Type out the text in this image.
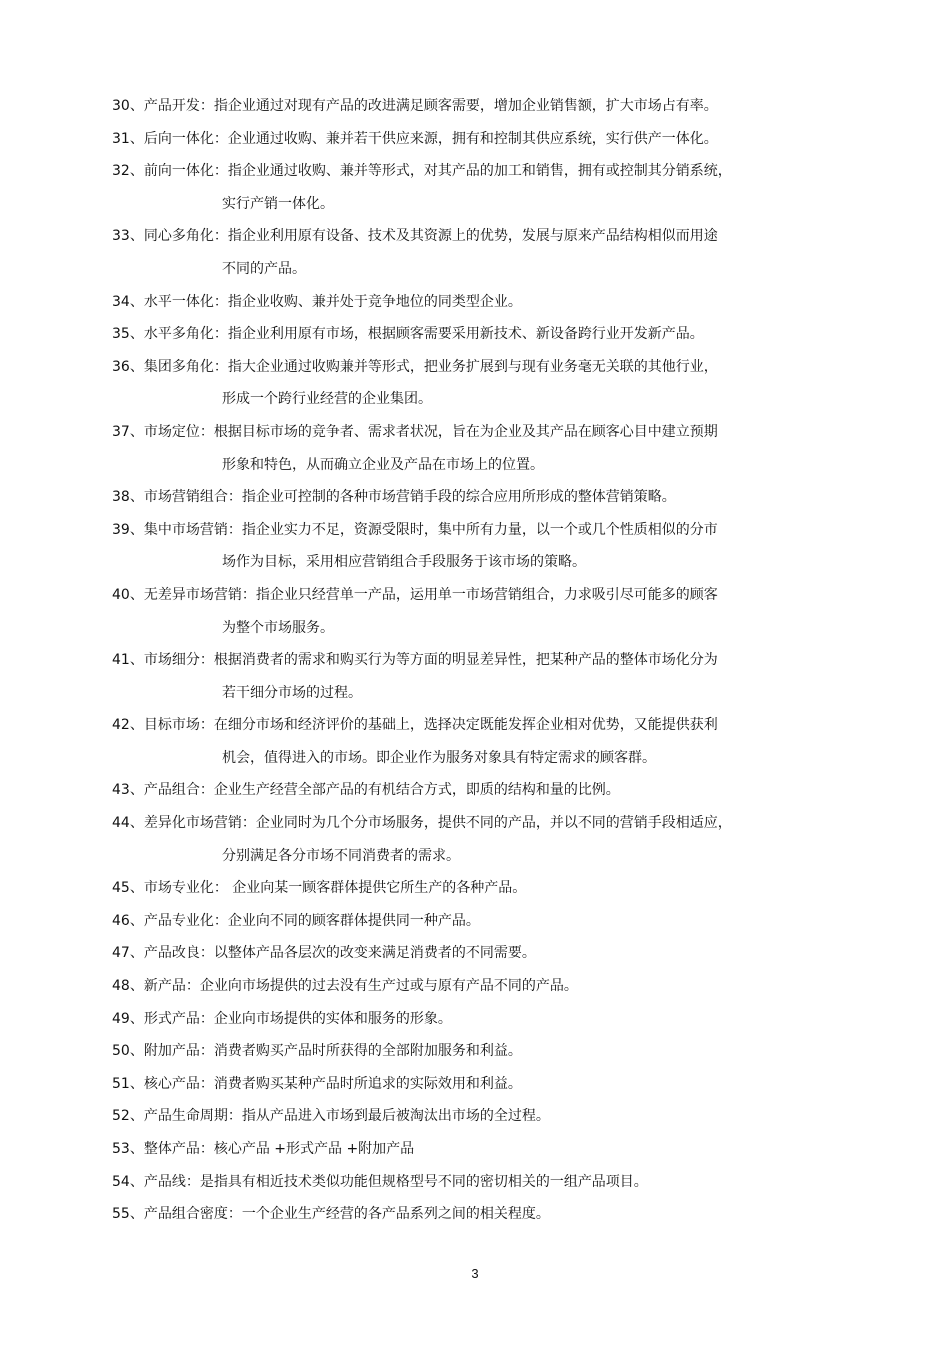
30、产品开发：指企业通过对现有产品的改进满足顾客需要，增加企业销售额，扩大市场占有率。
31、后向一体化：企业通过收购、兼并若干供应来源，拥有和控制其供应系统，实行供产一体化。
32、前向一体化：指企业通过收购、兼并等形式，对其产品的加工和销售，拥有或控制其分销系统，
实行产销一体化。
33、同心多角化：指企业利用原有设备、技术及其资源上的优势，发展与原来产品结构相似而用途
不同的产品。
34、水平一体化：指企业收购、兼并处于竞争地位的同类型企业。
35、水平多角化：指企业利用原有市场，根据顾客需要采用新技术、新设备跨行业开发新产品。
36、集团多角化：指大企业通过收购兼并等形式，把业务扩展到与现有业务毫无关联的其他行业，
形成一个跨行业经营的企业集团。
37、市场定位：根据目标市场的竞争者、需求者状况，旨在为企业及其产品在顾客心目中建立预期
形象和特色，从而确立企业及产品在市场上的位置。
38、市场营销组合：指企业可控制的各种市场营销手段的综合应用所形成的整体营销策略。
39、集中市场营销：指企业实力不足，资源受限时，集中所有力量，以一个或几个性质相似的分市
场作为目标，采用相应营销组合手段服务于该市场的策略。
40、无差异市场营销：指企业只经营单一产品，运用单一市场营销组合，力求吸引尽可能多的顾客
为整个市场服务。
41、市场细分：根据消费者的需求和购买行为等方面的明显差异性，把某种产品的整体市场化分为
若干细分市场的过程。
42、目标市场：在细分市场和经济评价的基础上，选择决定既能发挥企业相对优势，又能提供获利
机会，值得进入的市场。即企业作为服务对象具有特定需求的顾客群。
43、产品组合：企业生产经营全部产品的有机结合方式，即质的结构和量的比例。
44、差异化市场营销：企业同时为几个分市场服务，提供不同的产品，并以不同的营销手段相适应，
分别满足各分市场不同消费者的需求。
45、市场专业化： 企业向某一顾客群体提供它所生产的各种产品。
46、产品专业化：企业向不同的顾客群体提供同一种产品。
47、产品改良：以整体产品各层次的改变来满足消费者的不同需要。
48、新产品：企业向市场提供的过去没有生产过或与原有产品不同的产品。
49、形式产品：企业向市场提供的实体和服务的形象。
50、附加产品：消费者购买产品时所获得的全部附加服务和利益。
51、核心产品：消费者购买某种产品时所追求的实际效用和利益。
52、产品生命周期：指从产品进入市场到最后被淘汰出市场的全过程。
53、整体产品：核心产品 +形式产品 +附加产品
54、产品线：是指具有相近技术类似功能但规格型号不同的密切相关的一组产品项目。
55、产品组合密度：一个企业生产经营的各产品系列之间的相关程度。
3
